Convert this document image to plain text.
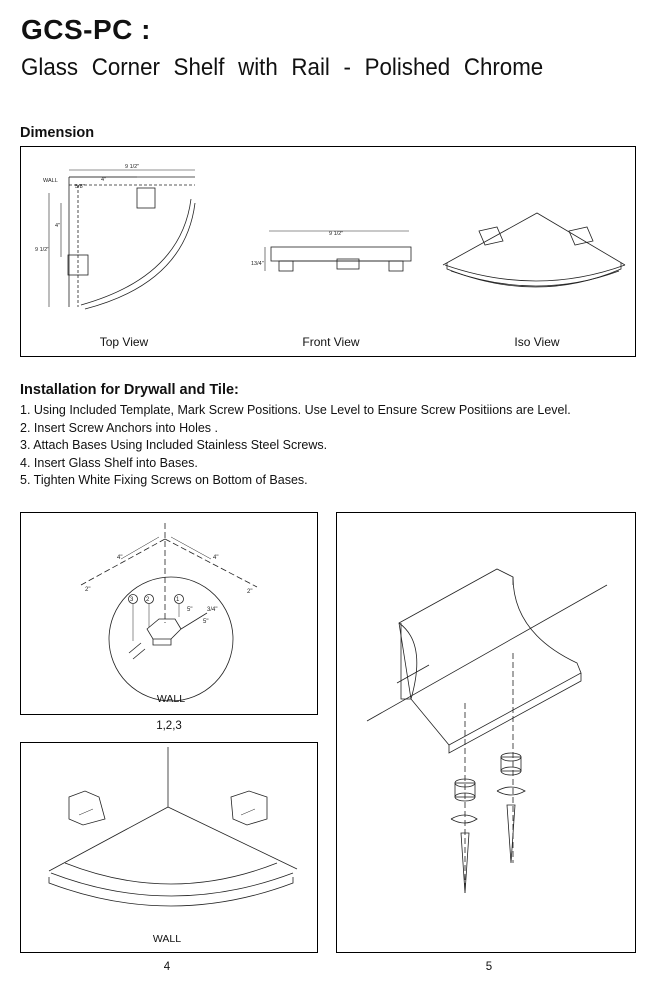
GCS-PC :
Glass Corner Shelf with Rail - Polished Chrome
Dimension
9 1/2"
4"
5/8"
WALL
4"
9 1/2"
9 1/2"
13/4"
Top View	Front View	Iso View
Installation for Drywall and Tile:
1. Using Included Template, Mark Screw Positions. Use Level to Ensure Screw Positiions are Level.
2. Insert Screw Anchors into Holes .
3. Attach Bases Using Included Stainless Steel Screws.
4. Insert Glass Shelf into Bases.
5. Tighten White Fixing Screws on Bottom of Bases.
3 2	1
4"	4"
2"	2"
3/4"
5"
5"
WALL
1,2,3
WALL
4	5
